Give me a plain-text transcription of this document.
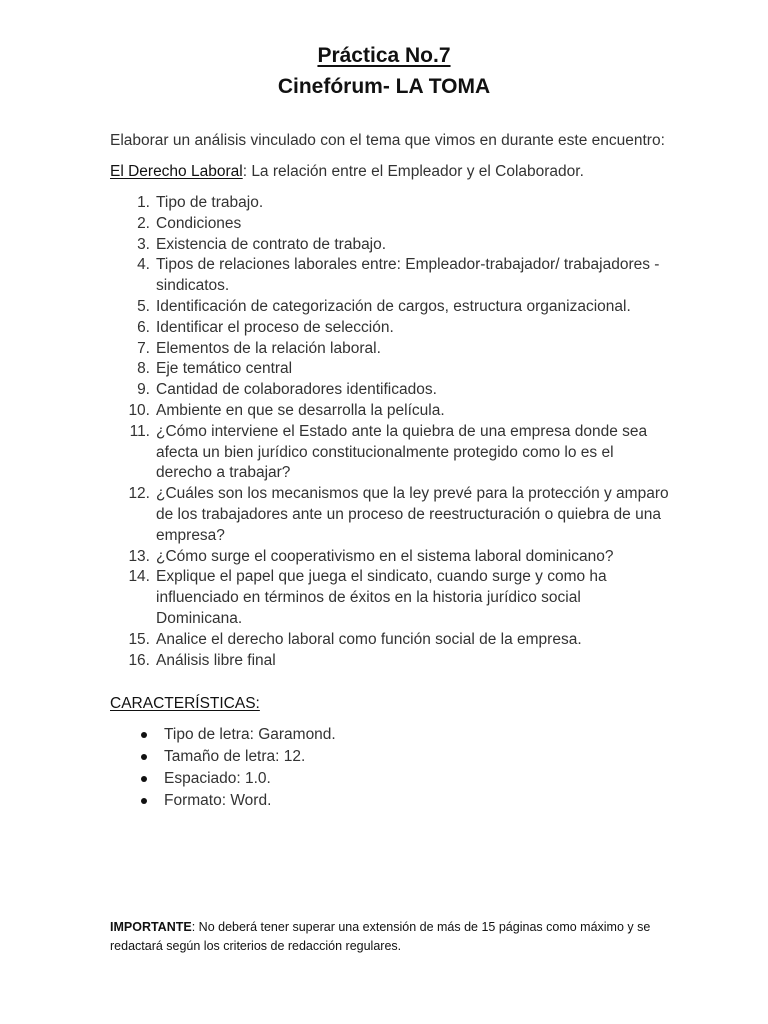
Práctica No.7
Cinefórum- LA TOMA
Elaborar un análisis vinculado con el tema que vimos en durante este encuentro:
El Derecho Laboral: La relación entre el Empleador y el Colaborador.
1. Tipo de trabajo.
2. Condiciones
3. Existencia de contrato de trabajo.
4. Tipos de relaciones laborales entre: Empleador-trabajador/ trabajadores - sindicatos.
5. Identificación de categorización de cargos, estructura organizacional.
6. Identificar el proceso de selección.
7. Elementos de la relación laboral.
8. Eje temático central
9. Cantidad de colaboradores identificados.
10. Ambiente en que se desarrolla la película.
11. ¿Cómo interviene el Estado ante la quiebra de una empresa donde sea afecta un bien jurídico constitucionalmente protegido como lo es el derecho a trabajar?
12. ¿Cuáles son los mecanismos que la ley prevé para la protección y amparo de los trabajadores ante un proceso de reestructuración o quiebra de una empresa?
13. ¿Cómo surge el cooperativismo en el sistema laboral dominicano?
14. Explique el papel que juega el sindicato, cuando surge y como ha influenciado en términos de éxitos en la historia jurídico social Dominicana.
15. Analice el derecho laboral como función social de la empresa.
16. Análisis libre final
CARACTERÍSTICAS:
Tipo de letra: Garamond.
Tamaño de letra: 12.
Espaciado: 1.0.
Formato: Word.
IMPORTANTE: No deberá tener superar una extensión de más de 15 páginas como máximo y se redactará según los criterios de redacción regulares.
